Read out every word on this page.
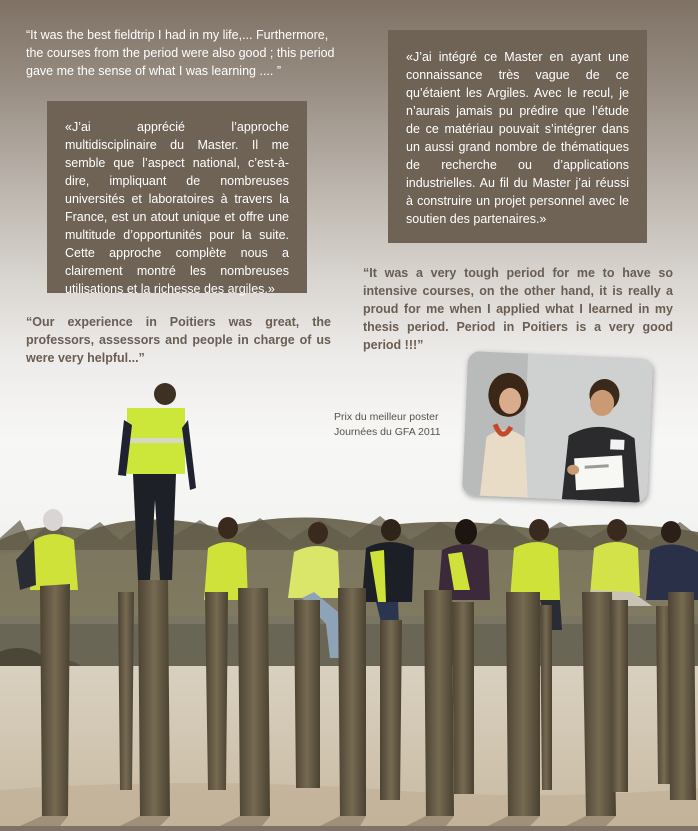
“It was the best fieldtrip I had in my life,... Furthermore, the courses from the period were also good ; this period gave me the sense of what I was learning .... ”

«J’ai intégré ce Master en ayant une connaissance très vague de ce qu’étaient les Argiles. Avec le recul, je n’aurais jamais pu prédire que l’étude de ce matériau pouvait s’intégrer dans un aussi grand nombre de thématiques de recherche ou d’applications industrielles. Au fil du Master j’ai réussi à construire un projet personnel avec le soutien des partenaires.»
«J’ai apprécié l’approche multidisciplinaire du Master. Il me semble que l’aspect national, c’est-à-dire, impliquant de nombreuses universités et laboratoires à travers la France, est un atout unique et offre une multitude d’opportunités pour la suite. Cette approche complète nous a clairement montré les nombreuses utilisations et la richesse des argiles.»

“It was a very tough period for me to have so intensive courses, on the other hand, it is really a proud for me when I applied what I learned in my thesis period. Period in Poitiers is a very good period !!!”

“Our experience in Poitiers was great, the professors, assessors and people in charge of us were very helpful...”

Prix du meilleur poster
Journées du GFA 2011
